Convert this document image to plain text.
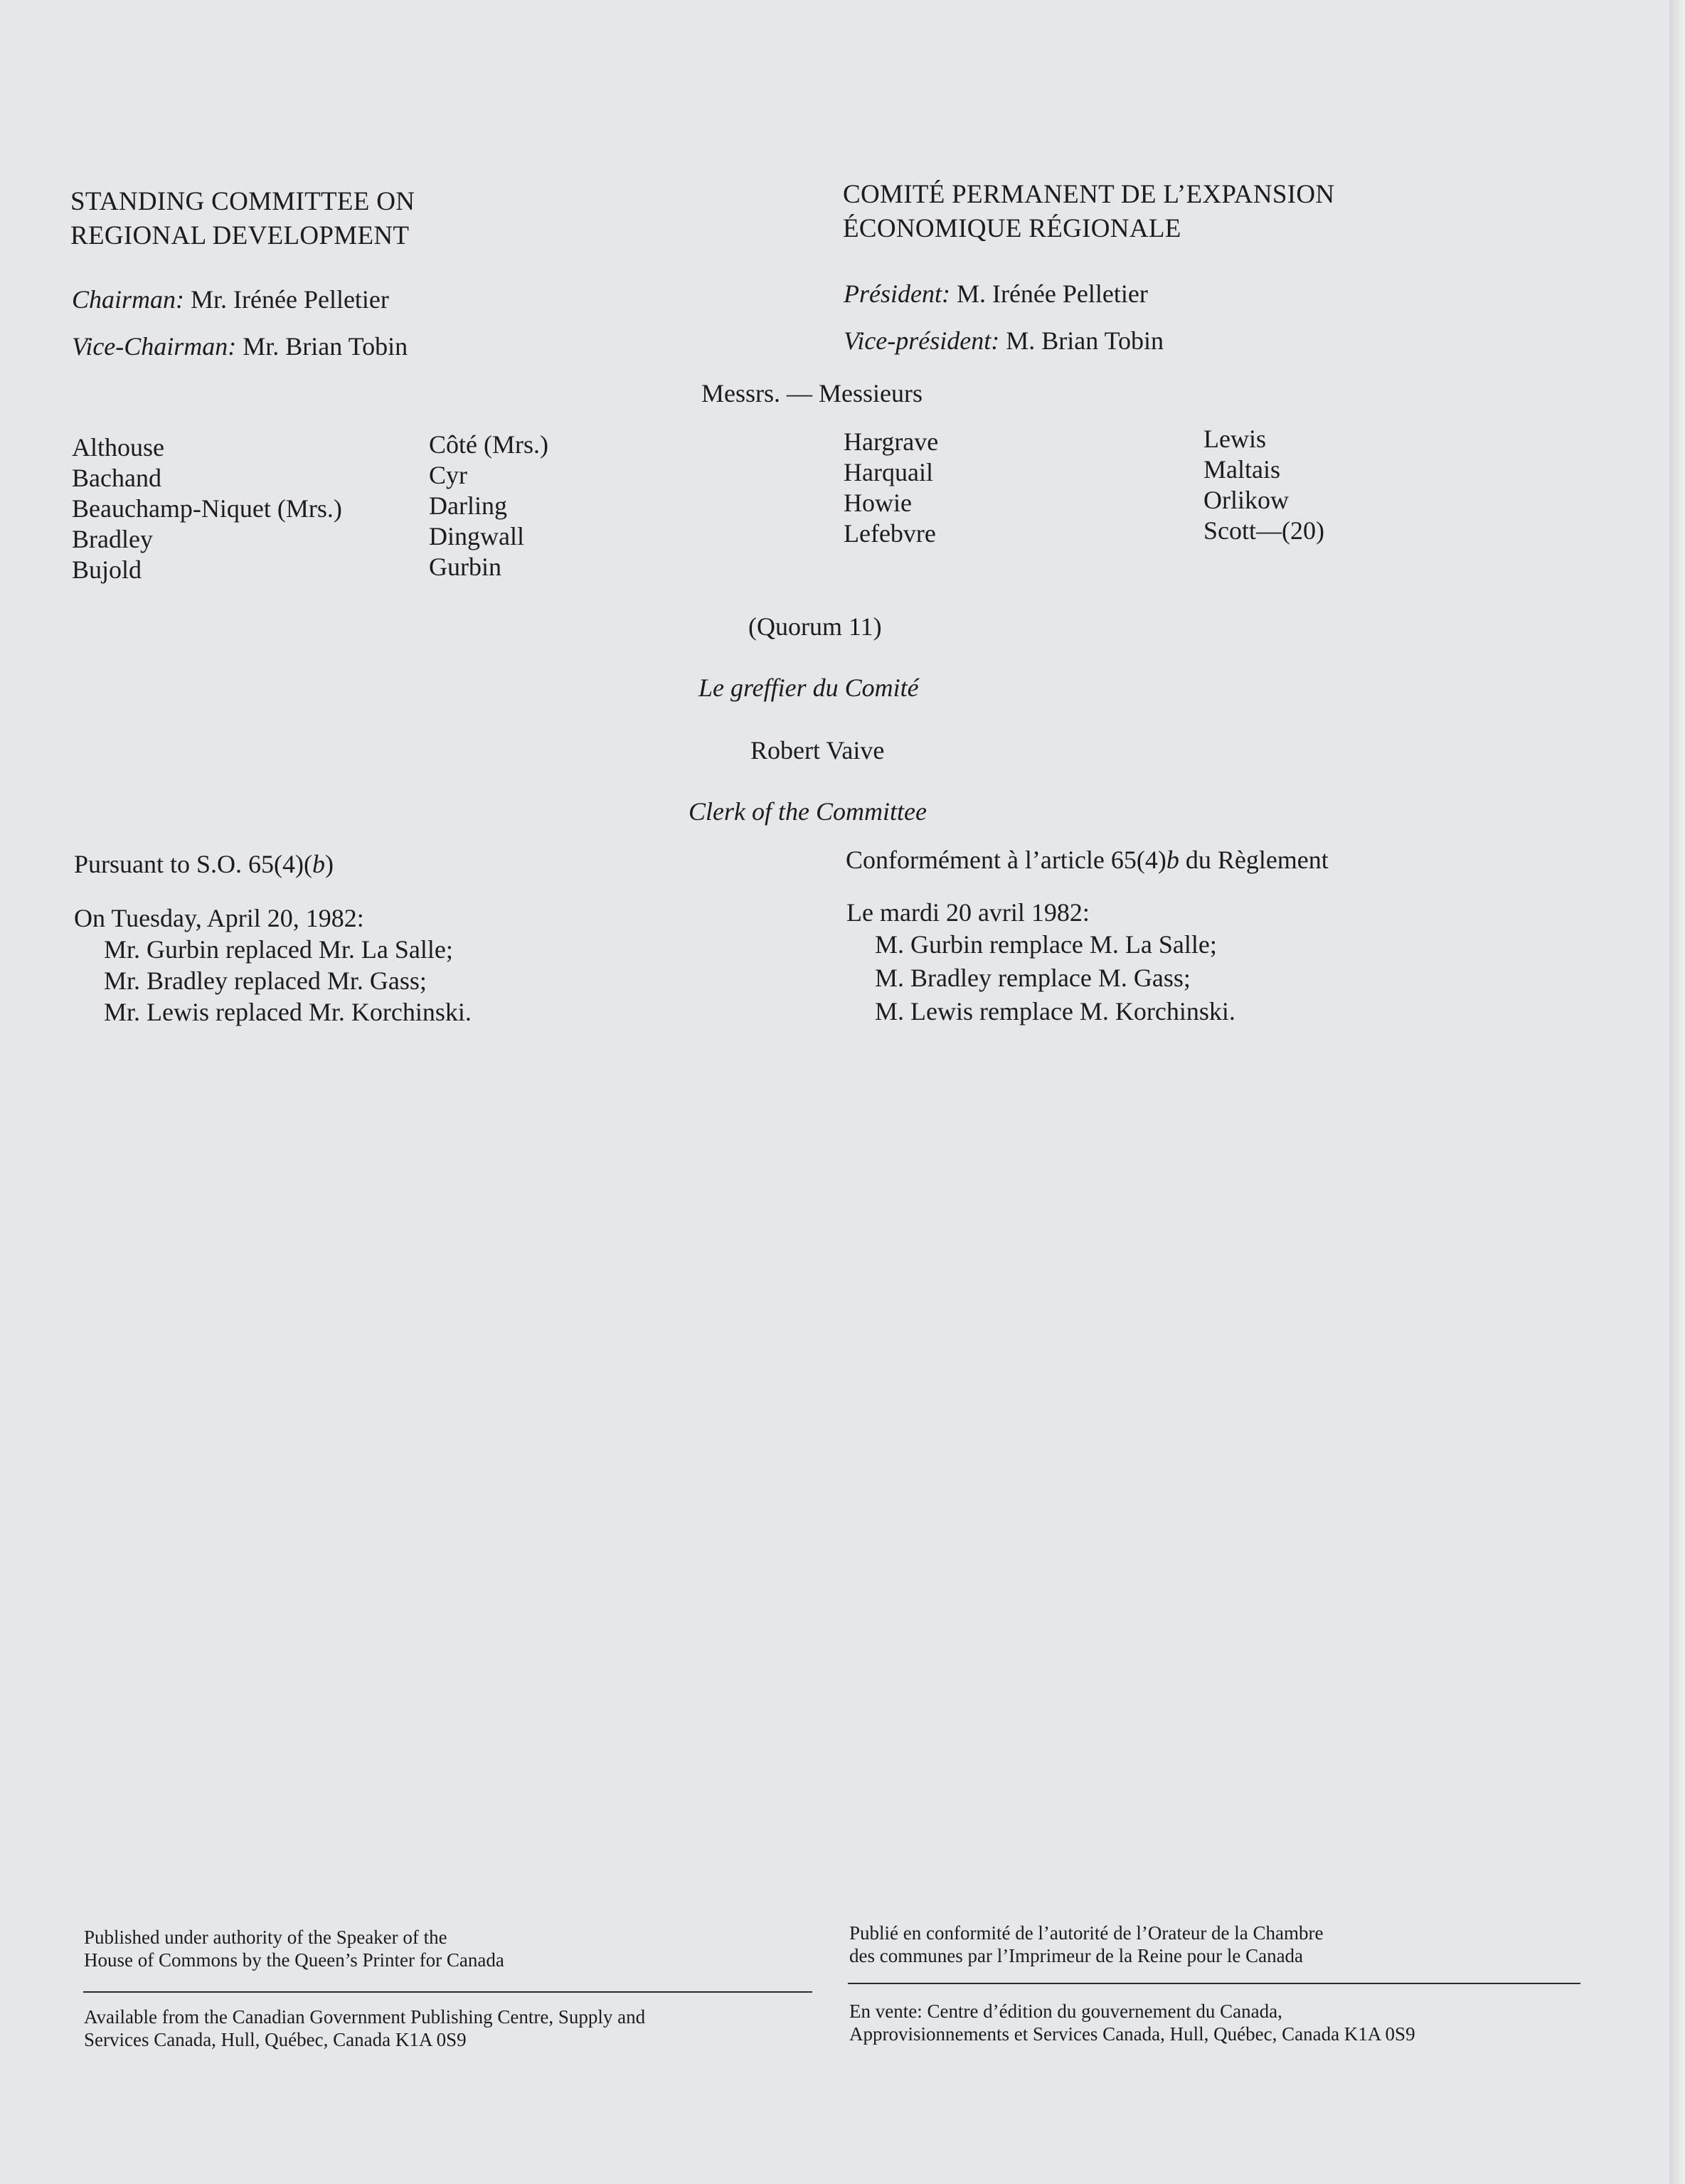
STANDING COMMITTEE ON
REGIONAL DEVELOPMENT
COMITÉ PERMANENT DE L’EXPANSION
ÉCONOMIQUE RÉGIONALE
Chairman: Mr. Irénée Pelletier
Vice-Chairman: Mr. Brian Tobin
Président: M. Irénée Pelletier
Vice-président: M. Brian Tobin
Messrs. — Messieurs
Althouse
Bachand
Beauchamp-Niquet (Mrs.)
Bradley
Bujold
Côté (Mrs.)
Cyr
Darling
Dingwall
Gurbin
Hargrave
Harquail
Howie
Lefebvre
Lewis
Maltais
Orlikow
Scott—(20)
(Quorum 11)
Le greffier du Comité
Robert Vaive
Clerk of the Committee
Pursuant to S.O. 65(4)(b)	Conformément à l’article 65(4)b du Règlement
On Tuesday, April 20, 1982:
Mr. Gurbin replaced Mr. La Salle;
Mr. Bradley replaced Mr. Gass;
Mr. Lewis replaced Mr. Korchinski.
Le mardi 20 avril 1982:
M. Gurbin remplace M. La Salle;
M. Bradley remplace M. Gass;
M. Lewis remplace M. Korchinski.
Published under authority of the Speaker of the
House of Commons by the Queen’s Printer for Canada
Publié en conformité de l’autorité de l’Orateur de la Chambre
des communes par l’Imprimeur de la Reine pour le Canada
Available from the Canadian Government Publishing Centre, Supply and
Services Canada, Hull, Québec, Canada K1A 0S9
En vente: Centre d’édition du gouvernement du Canada,
Approvisionnements et Services Canada, Hull, Québec, Canada K1A 0S9
